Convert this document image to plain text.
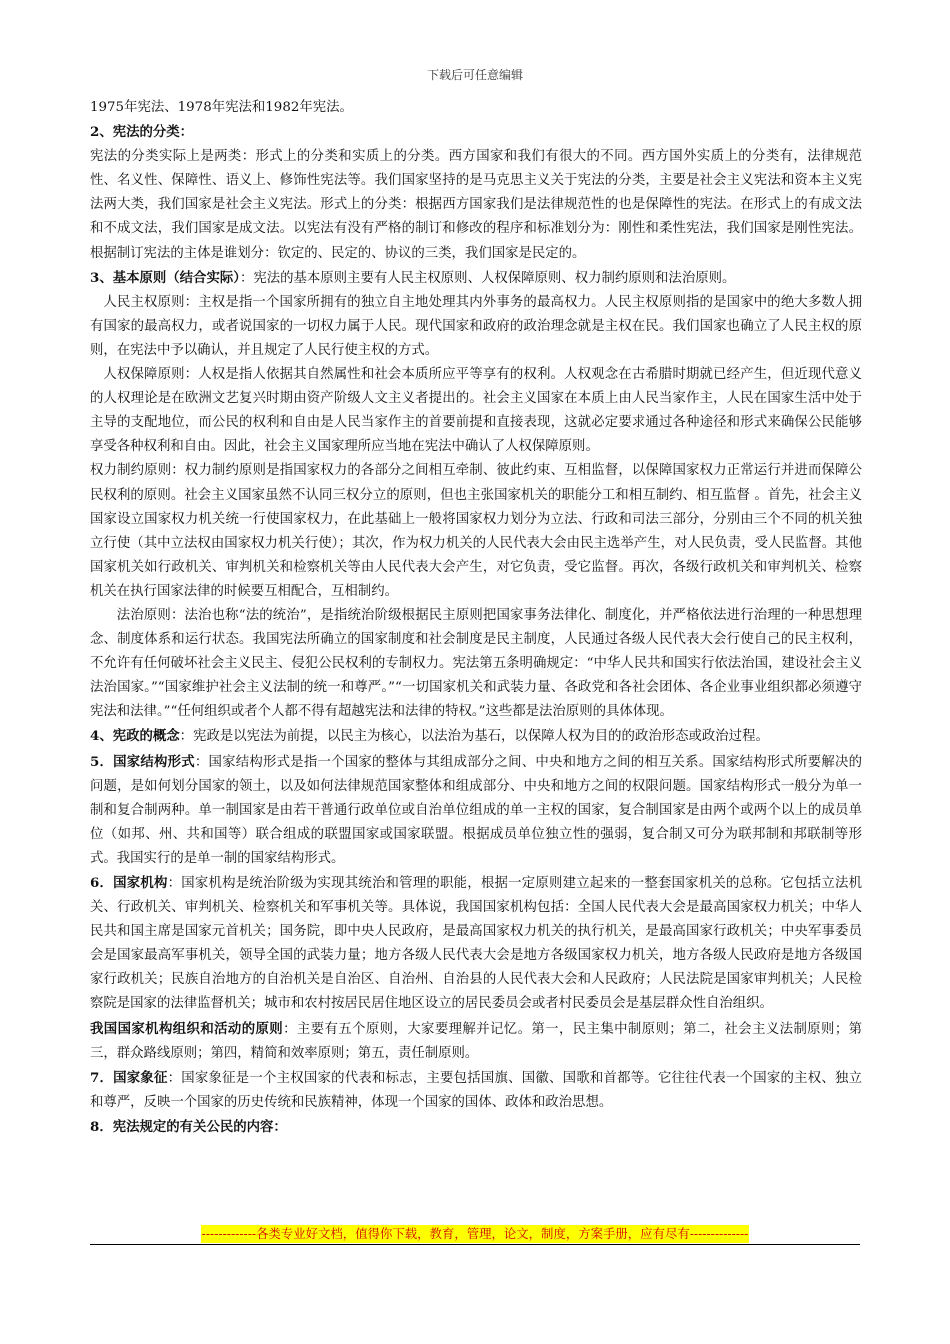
下载后可任意编辑

1975年宪法、1978年宪法和1982年宪法。

2、宪法的分类：

宪法的分类实际上是两类：形式上的分类和实质上的分类。西方国家和我们有很大的不同。西方国外实质上的分类有，法律规范性、名义性、保障性、语义上、修饰性宪法等。我们国家坚持的是马克思主义关于宪法的分类，主要是社会主义宪法和资本主义宪法两大类，我们国家是社会主义宪法。形式上的分类：根据西方国家我们是法律规范性的也是保障性的宪法。在形式上的有成文法和不成文法，我们国家是成文法。以宪法有没有严格的制订和修改的程序和标准划分为：刚性和柔性宪法，我们国家是刚性宪法。根据制订宪法的主体是谁划分：钦定的、民定的、协议的三类，我们国家是民定的。

3、基本原则（结合实际）：宪法的基本原则主要有人民主权原则、人权保障原则、权力制约原则和法治原则。

人民主权原则：主权是指一个国家所拥有的独立自主地处理其内外事务的最高权力。人民主权原则指的是国家中的绝大多数人拥有国家的最高权力，或者说国家的一切权力属于人民。现代国家和政府的政治理念就是主权在民。我们国家也确立了人民主权的原则，在宪法中予以确认，并且规定了人民行使主权的方式。

人权保障原则：人权是指人依据其自然属性和社会本质所应平等享有的权利。人权观念在古希腊时期就已经产生，但近现代意义的人权理论是在欧洲文艺复兴时期由资产阶级人文主义者提出的。社会主义国家在本质上由人民当家作主，人民在国家生活中处于主导的支配地位，而公民的权利和自由是人民当家作主的首要前提和直接表现，这就必定要求通过各种途径和形式来确保公民能够享受各种权利和自由。因此，社会主义国家理所应当地在宪法中确认了人权保障原则。

权力制约原则：权力制约原则是指国家权力的各部分之间相互牵制、彼此约束、互相监督，以保障国家权力正常运行并进而保障公民权利的原则。社会主义国家虽然不认同三权分立的原则，但也主张国家机关的职能分工和相互制约、相互监督 。首先，社会主义国家设立国家权力机关统一行使国家权力，在此基础上一般将国家权力划分为立法、行政和司法三部分，分别由三个不同的机关独立行使（其中立法权由国家权力机关行使）；其次，作为权力机关的人民代表大会由民主选举产生，对人民负责，受人民监督。其他国家机关如行政机关、审判机关和检察机关等由人民代表大会产生，对它负责，受它监督。再次，各级行政机关和审判机关、检察机关在执行国家法律的时候要互相配合，互相制约。

法治原则：法治也称“法的统治”，是指统治阶级根据民主原则把国家事务法律化、制度化，并严格依法进行治理的一种思想理念、制度体系和运行状态。我国宪法所确立的国家制度和社会制度是民主制度，人民通过各级人民代表大会行使自己的民主权利，不允许有任何破坏社会主义民主、侵犯公民权利的专制权力。宪法第五条明确规定：“中华人民共和国实行依法治国，建设社会主义法治国家。”“国家维护社会主义法制的统一和尊严。”“一切国家机关和武装力量、各政党和各社会团体、各企业事业组织都必须遵守宪法和法律。”“任何组织或者个人都不得有超越宪法和法律的特权。”这些都是法治原则的具体体现。

4、宪政的概念：宪政是以宪法为前提，以民主为核心，以法治为基石，以保障人权为目的的政治形态或政治过程。

5．国家结构形式：国家结构形式是指一个国家的整体与其组成部分之间、中央和地方之间的相互关系。国家结构形式所要解决的问题，是如何划分国家的领土，以及如何法律规范国家整体和组成部分、中央和地方之间的权限问题。国家结构形式一般分为单一制和复合制两种。单一制国家是由若干普通行政单位或自治单位组成的单一主权的国家，复合制国家是由两个或两个以上的成员单位（如邦、州、共和国等）联合组成的联盟国家或国家联盟。根据成员单位独立性的强弱，复合制又可分为联邦制和邦联制等形式。我国实行的是单一制的国家结构形式。

6．国家机构：国家机构是统治阶级为实现其统治和管理的职能，根据一定原则建立起来的一整套国家机关的总称。它包括立法机关、行政机关、审判机关、检察机关和军事机关等。具体说，我国国家机构包括：全国人民代表大会是最高国家权力机关；中华人民共和国主席是国家元首机关；国务院，即中央人民政府，是最高国家权力机关的执行机关，是最高国家行政机关；中央军事委员会是国家最高军事机关，领导全国的武装力量；地方各级人民代表大会是地方各级国家权力机关，地方各级人民政府是地方各级国家行政机关；民族自治地方的自治机关是自治区、自治州、自治县的人民代表大会和人民政府；人民法院是国家审判机关；人民检察院是国家的法律监督机关；城市和农村按居民居住地区设立的居民委员会或者村民委员会是基层群众性自治组织。

我国国家机构组织和活动的原则：主要有五个原则，大家要理解并记忆。第一，民主集中制原则；第二，社会主义法制原则；第三，群众路线原则；第四，精简和效率原则；第五，责任制原则。

7．国家象征：国家象征是一个主权国家的代表和标志，主要包括国旗、国徽、国歌和首都等。它往往代表一个国家的主权、独立和尊严，反映一个国家的历史传统和民族精神，体现一个国家的国体、政体和政治思想。

8．宪法规定的有关公民的内容：

-------------各类专业好文档，值得你下载，教育，管理，论文，制度，方案手册，应有尽有--------------
